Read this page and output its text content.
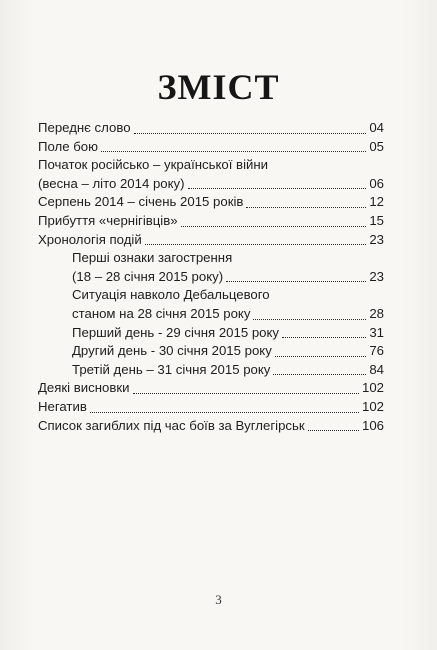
ЗМІСТ
Переднє слово	04
Поле бою	05
Початок російсько – української війни
(весна – літо 2014 року)	06
Серпень 2014 – січень 2015 років	12
Прибуття «чернігівців»	15
Хронологія подій	23
Перші ознаки загострення
(18 – 28 січня 2015 року)	23
Ситуація навколо Дебальцевого
станом на 28 січня 2015 року	28
Перший день - 29 січня 2015 року	31
Другий день - 30 січня 2015 року	76
Третій день – 31 січня 2015 року	84
Деякі висновки	102
Негатив	102
Список загиблих під час боїв за Вуглегірськ	106
3
